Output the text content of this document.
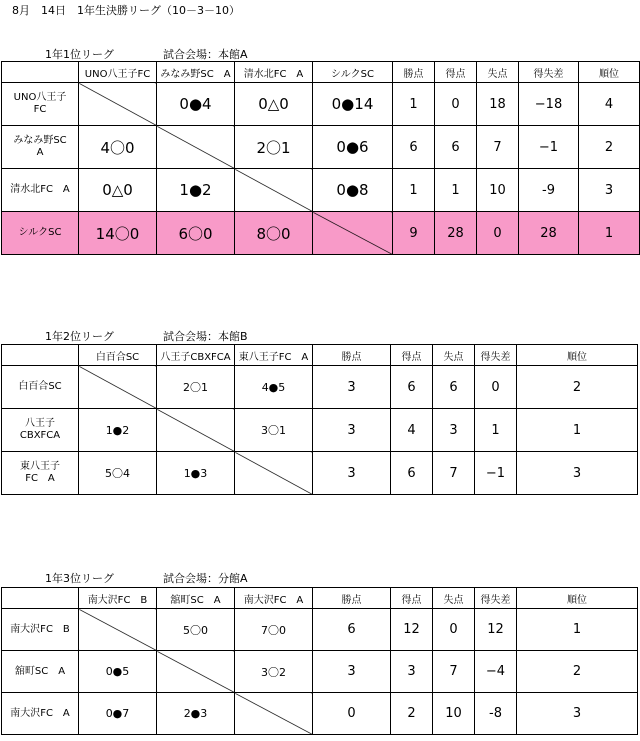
8月　14日　1年生決勝リーグ（10－3－10）
1年1位リーグ	試合会場：本館A
	UNO八王子FC	みなみ野SC　A	清水北FC　A	シルクSC	勝点	得点	失点	得失差	順位
UNO八王子
FC		0●4	0△0	0●14	1	0	18	−18	4
みなみ野SC
A	4〇0		2〇1	0●6	6	6	7	−1	2
清水北FC　A	0△0	1●2		0●8	1	1	10	-9	3
シルクSC	14〇0	6〇0	8〇0		9	28	0	28	1
1年2位リーグ	試合会場：本館B
	白百合SC	八王子CBXFCA	東八王子FC　A	勝点	得点	失点	得失差	順位
白百合SC		2〇1	4●5	3	6	6	0	2
八王子
CBXFCA	1●2		3〇1	3	4	3	1	1
東八王子
FC　A	5〇4	1●3		3	6	7	−1	3
1年3位リーグ	試合会場：分館A
	南大沢FC　B	舘町SC　A	南大沢FC　A	勝点	得点	失点	得失差	順位
南大沢FC　B		5〇0	7〇0	6	12	0	12	1
舘町SC　A	0●5		3〇2	3	3	7	−4	2
南大沢FC　A	0●7	2●3		0	2	10	-8	3
